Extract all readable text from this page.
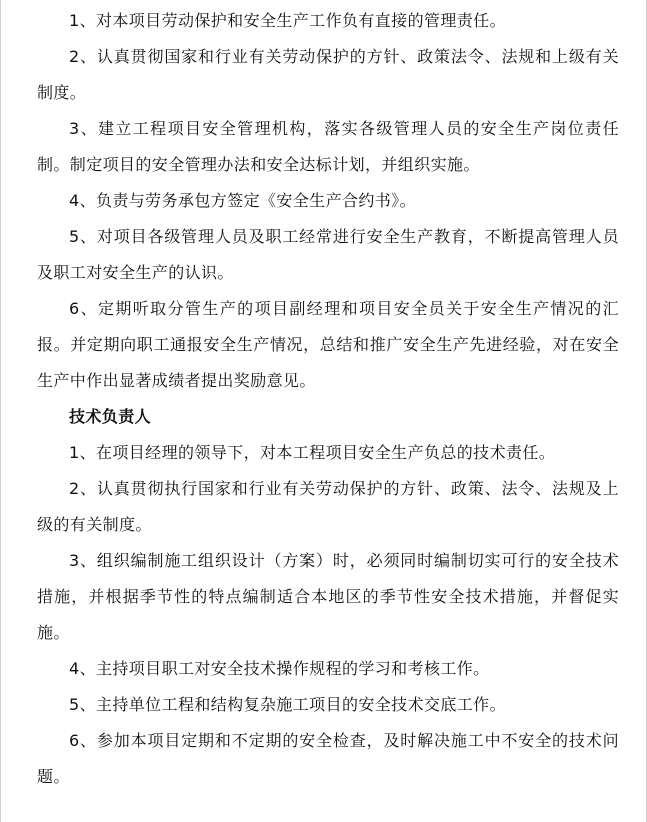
1、对本项目劳动保护和安全生产工作负有直接的管理责任。

2、认真贯彻国家和行业有关劳动保护的方针、政策法令、法规和上级有关制度。

3、建立工程项目安全管理机构，落实各级管理人员的安全生产岗位责任制。制定项目的安全管理办法和安全达标计划，并组织实施。

4、负责与劳务承包方签定《安全生产合约书》。

5、对项目各级管理人员及职工经常进行安全生产教育，不断提高管理人员及职工对安全生产的认识。

6、定期听取分管生产的项目副经理和项目安全员关于安全生产情况的汇报。并定期向职工通报安全生产情况，总结和推广安全生产先进经验，对在安全生产中作出显著成绩者提出奖励意见。

技术负责人

1、在项目经理的领导下，对本工程项目安全生产负总的技术责任。

2、认真贯彻执行国家和行业有关劳动保护的方针、政策、法令、法规及上级的有关制度。

3、组织编制施工组织设计（方案）时，必须同时编制切实可行的安全技术措施，并根据季节性的特点编制适合本地区的季节性安全技术措施，并督促实施。

4、主持项目职工对安全技术操作规程的学习和考核工作。

5、主持单位工程和结构复杂施工项目的安全技术交底工作。

6、参加本项目定期和不定期的安全检查，及时解决施工中不安全的技术问题。
